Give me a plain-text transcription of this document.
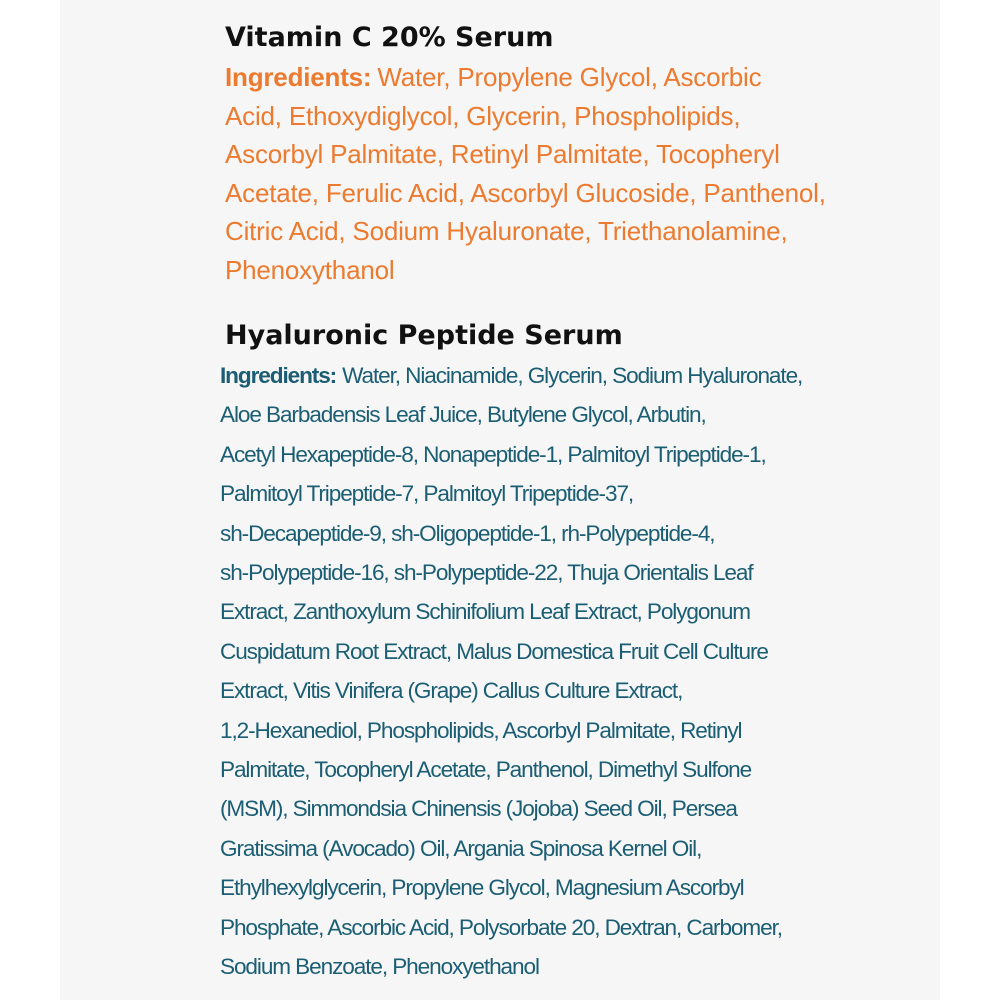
Vitamin C 20% Serum
Ingredients: Water, Propylene Glycol, Ascorbic
Acid, Ethoxydiglycol, Glycerin, Phospholipids,
Ascorbyl Palmitate, Retinyl Palmitate, Tocopheryl
Acetate, Ferulic Acid, Ascorbyl Glucoside, Panthenol,
Citric Acid, Sodium Hyaluronate, Triethanolamine,
Phenoxythanol
Hyaluronic Peptide Serum
Ingredients: Water, Niacinamide, Glycerin, Sodium Hyaluronate,
Aloe Barbadensis Leaf Juice, Butylene Glycol, Arbutin,
Acetyl Hexapeptide-8, Nonapeptide-1, Palmitoyl Tripeptide-1,
Palmitoyl Tripeptide-7, Palmitoyl Tripeptide-37,
sh-Decapeptide-9, sh-Oligopeptide-1, rh-Polypeptide-4,
sh-Polypeptide-16, sh-Polypeptide-22, Thuja Orientalis Leaf
Extract, Zanthoxylum Schinifolium Leaf Extract, Polygonum
Cuspidatum Root Extract, Malus Domestica Fruit Cell Culture
Extract, Vitis Vinifera (Grape) Callus Culture Extract,
1,2-Hexanediol, Phospholipids, Ascorbyl Palmitate, Retinyl
Palmitate, Tocopheryl Acetate, Panthenol, Dimethyl Sulfone
(MSM), Simmondsia Chinensis (Jojoba) Seed Oil, Persea
Gratissima (Avocado) Oil, Argania Spinosa Kernel Oil,
Ethylhexylglycerin, Propylene Glycol, Magnesium Ascorbyl
Phosphate, Ascorbic Acid, Polysorbate 20, Dextran, Carbomer,
Sodium Benzoate, Phenoxyethanol
